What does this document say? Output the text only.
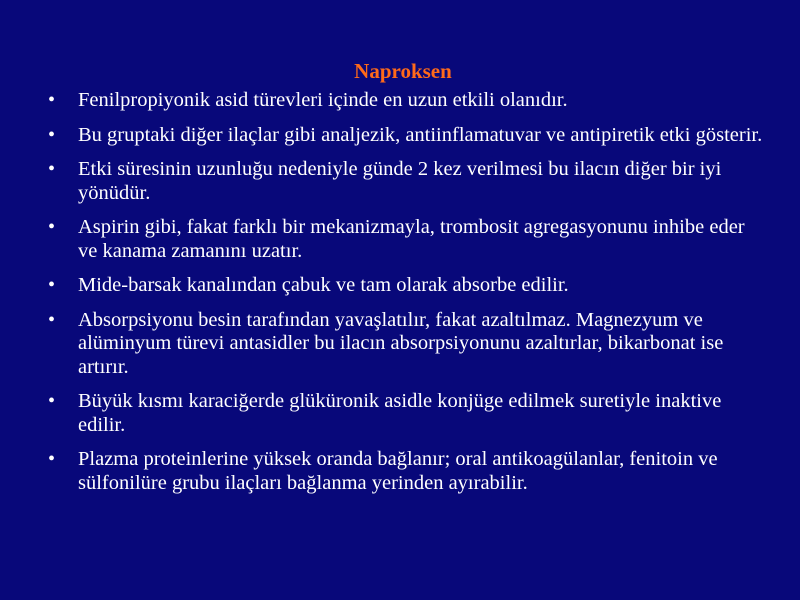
Naproksen
• Fenilpropiyonik asid türevleri içinde en uzun etkili olanıdır.
• Bu gruptaki diğer ilaçlar gibi analjezik, antiinflamatuvar ve antipiretik etki gösterir.
• Etki süresinin uzunluğu nedeniyle günde 2 kez verilmesi bu ilacın diğer bir iyi yönüdür.
• Aspirin gibi, fakat farklı bir mekanizmayla, trombosit agregasyonunu inhibe eder ve kanama zamanını uzatır.
• Mide-barsak kanalından çabuk ve tam olarak absorbe edilir.
• Absorpsiyonu besin tarafından yavaşlatılır, fakat azaltılmaz. Magnezyum ve alüminyum türevi antasidler bu ilacın absorpsiyonunu azaltırlar, bikarbonat ise artırır.
• Büyük kısmı karaciğerde glüküronik asidle konjüge edilmek suretiyle inaktive edilir.
• Plazma proteinlerine yüksek oranda bağlanır; oral antikoagülanlar, fenitoin ve sülfonilüre grubu ilaçları bağlanma yerinden ayırabilir.
